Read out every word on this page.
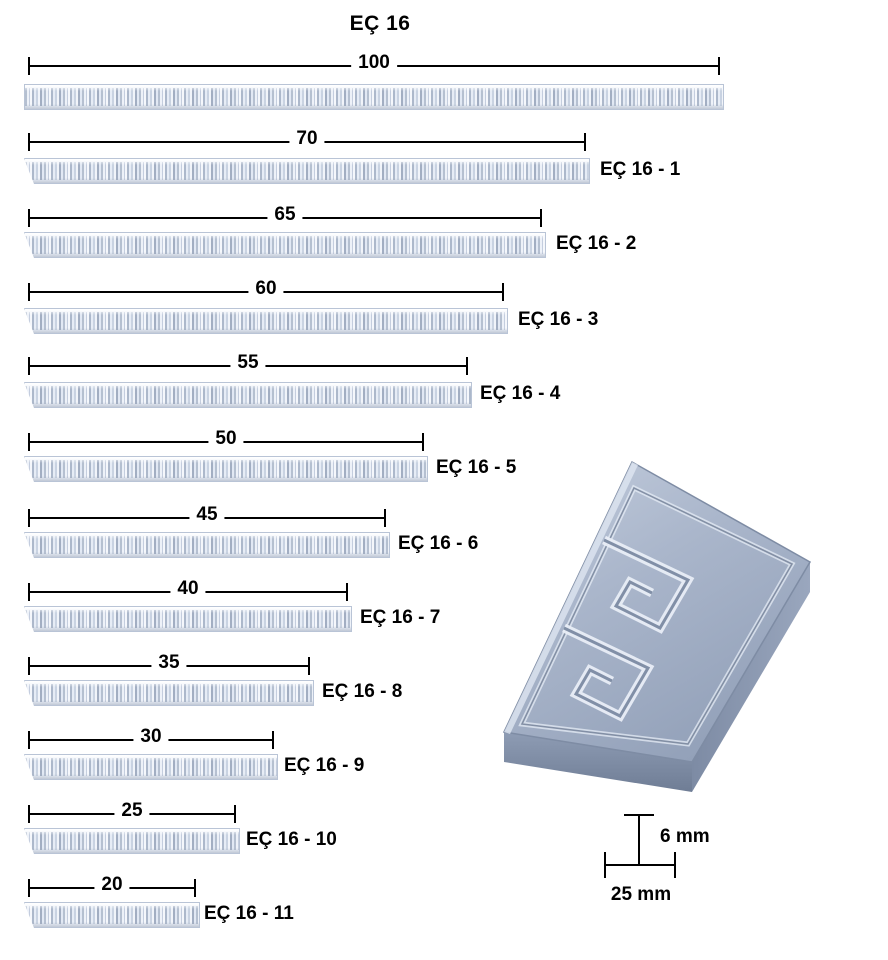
EÇ 16
100
70
EÇ 16 - 1
65
EÇ 16 - 2
60
EÇ 16 - 3
55
EÇ 16 - 4
50
EÇ 16 - 5
45
EÇ 16 - 6
40
EÇ 16 - 7
35
EÇ 16 - 8
30
EÇ 16 - 9
25
EÇ 16 - 10
20
EÇ 16 - 11
6 mm
25 mm
